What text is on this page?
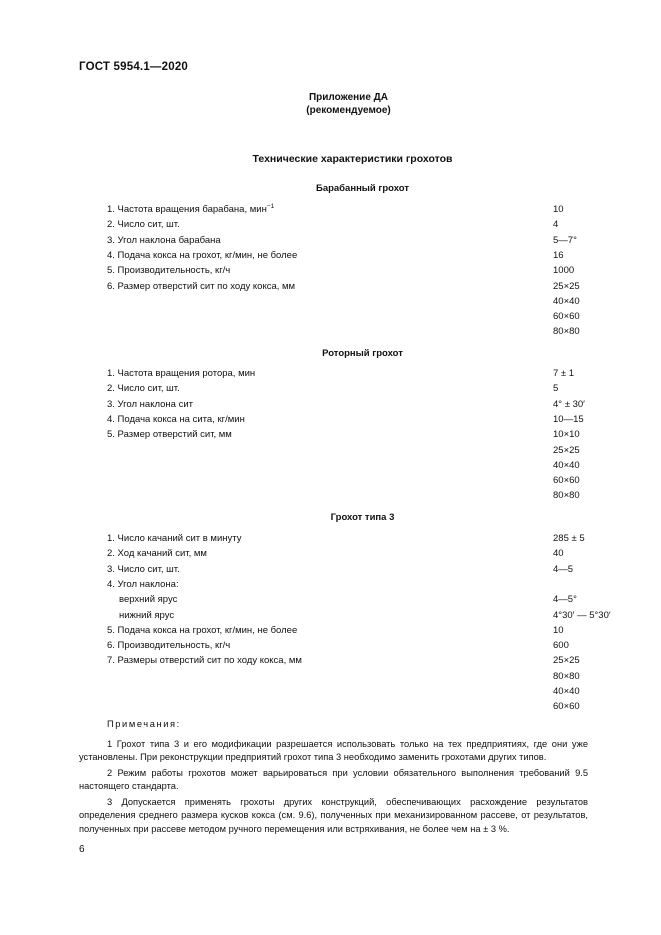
ГОСТ 5954.1—2020
Приложение ДА
(рекомендуемое)
Технические характеристики грохотов
Барабанный грохот
1. Частота вращения барабана, мин$^{-1}$	10
2. Число сит, шт.	4
3. Угол наклона барабана	5—7°
4. Подача кокса на грохот, кг/мин, не более	16
5. Производительность, кг/ч	1000
6. Размер отверстий сит по ходу кокса, мм	25×25
40×40
60×60
80×80
Роторный грохот
1. Частота вращения ротора, мин	7 ± 1
2. Число сит, шт.	5
3. Угол наклона сит	4° ± 30′
4. Подача кокса на сита, кг/мин	10—15
5. Размер отверстий сит, мм	10×10
25×25
40×40
60×60
80×80
Грохот типа 3
1. Число качаний сит в минуту	285 ± 5
2. Ход качаний сит, мм	40
3. Число сит, шт.	4—5
4. Угол наклона:
верхний ярус	4—5°
нижний ярус	4°30′ — 5°30′
5. Подача кокса на грохот, кг/мин, не более	10
6. Производительность, кг/ч	600
7. Размеры отверстий сит по ходу кокса, мм	25×25
80×80
40×40
60×60

Примечания:

1 Грохот типа 3 и его модификации разрешается использовать только на тех предприятиях, где они уже установлены. При реконструкции предприятий грохот типа 3 необходимо заменить грохотами других типов.

2 Режим работы грохотов может варьироваться при условии обязательного выполнения требований 9.5 настоящего стандарта.

3 Допускается применять грохоты других конструкций, обеспечивающих расхождение результатов определения среднего размера кусков кокса (см. 9.6), полученных при механизированном рассеве, от результатов, полученных при рассеве методом ручного перемещения или встряхивания, не более чем на ± 3 %.

6
